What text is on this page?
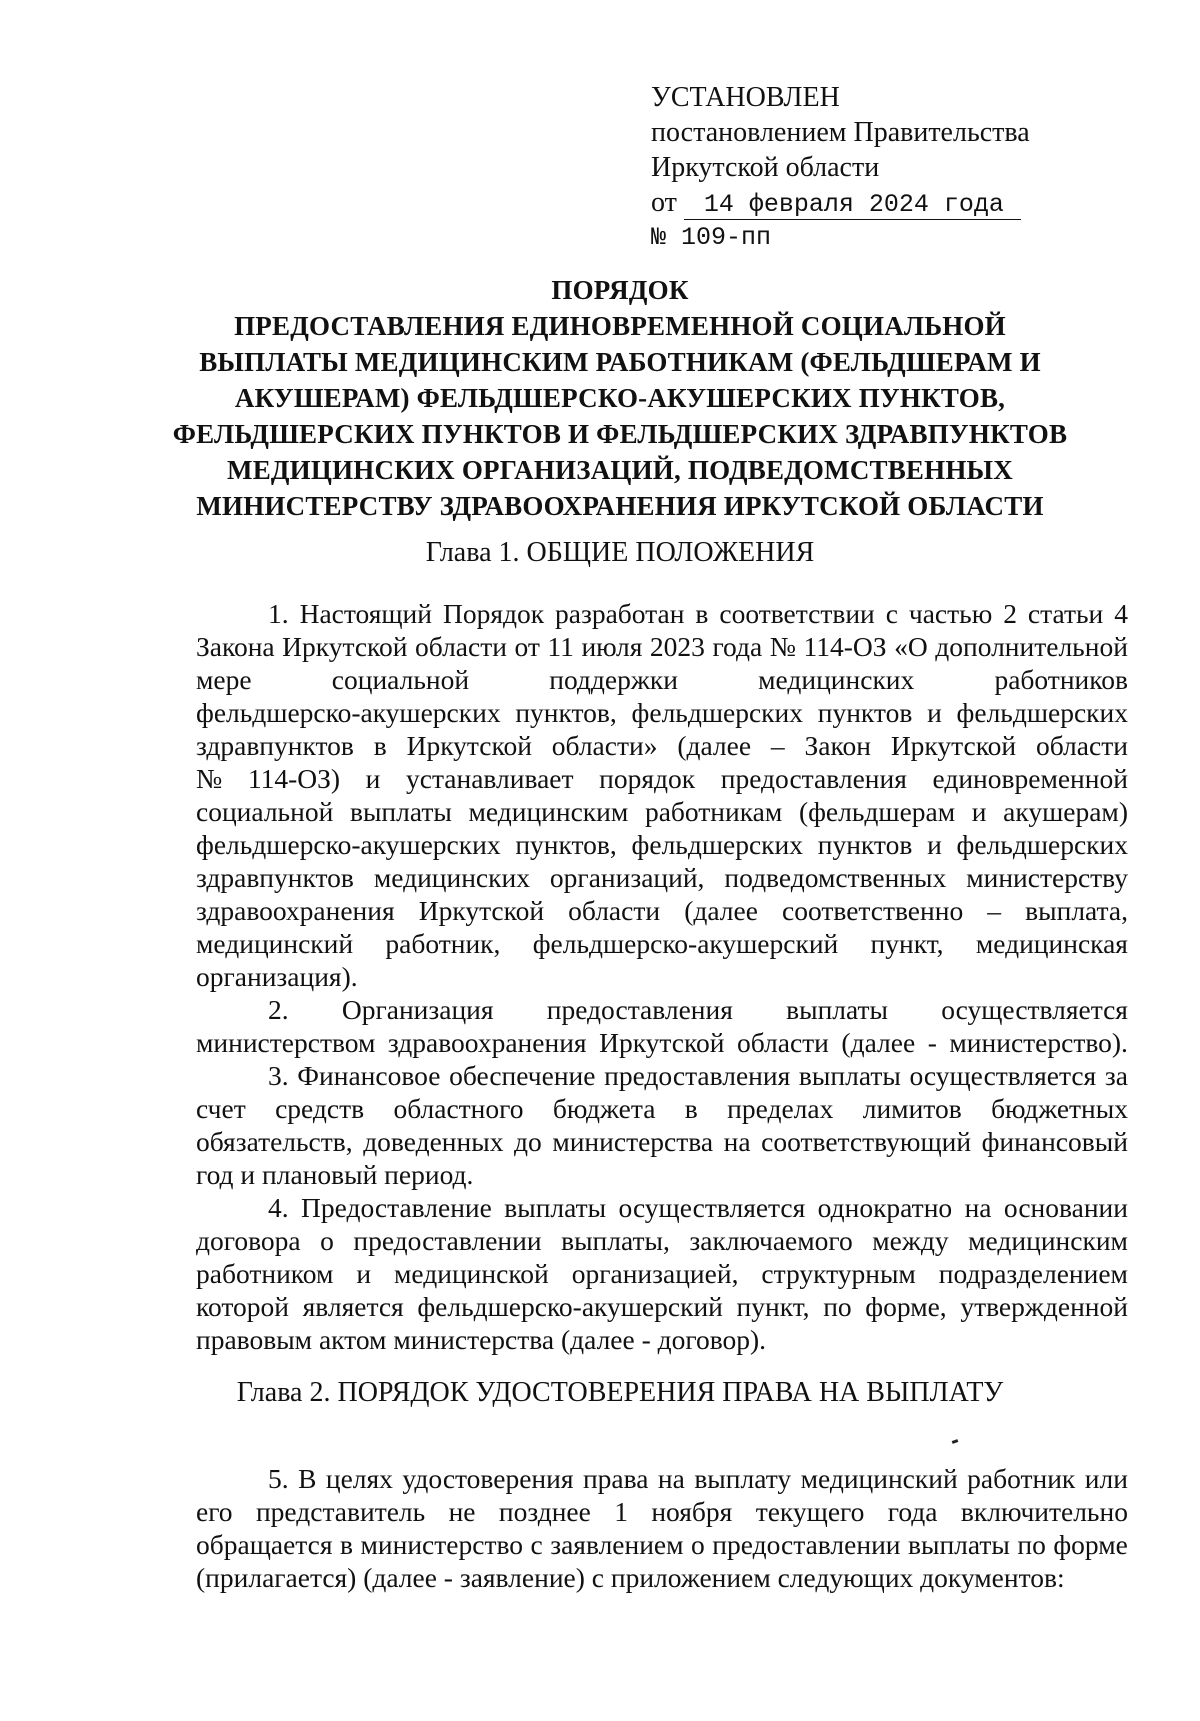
УСТАНОВЛЕН
постановлением Правительства
Иркутской области
от 14 февраля 2024 года
№ 109-пп
ПОРЯДОК
ПРЕДОСТАВЛЕНИЯ ЕДИНОВРЕМЕННОЙ СОЦИАЛЬНОЙ
ВЫПЛАТЫ МЕДИЦИНСКИМ РАБОТНИКАМ (ФЕЛЬДШЕРАМ И
АКУШЕРАМ) ФЕЛЬДШЕРСКО-АКУШЕРСКИХ ПУНКТОВ,
ФЕЛЬДШЕРСКИХ ПУНКТОВ И ФЕЛЬДШЕРСКИХ ЗДРАВПУНКТОВ
МЕДИЦИНСКИХ ОРГАНИЗАЦИЙ, ПОДВЕДОМСТВЕННЫХ
МИНИСТЕРСТВУ ЗДРАВООХРАНЕНИЯ ИРКУТСКОЙ ОБЛАСТИ
Глава 1. ОБЩИЕ ПОЛОЖЕНИЯ
1. Настоящий Порядок разработан в соответствии с частью 2 статьи 4
Закона Иркутской области от 11 июля 2023 года № 114-ОЗ «О дополнительной
мере	социальной	поддержки	медицинских	работников
фельдшерско-акушерских пунктов, фельдшерских пунктов и фельдшерских
здравпунктов в Иркутской области» (далее – Закон Иркутской области
№ 114-ОЗ) и устанавливает порядок предоставления единовременной
социальной выплаты медицинским работникам (фельдшерам и акушерам)
фельдшерско-акушерских пунктов, фельдшерских пунктов и фельдшерских
здравпунктов медицинских организаций, подведомственных министерству
здравоохранения Иркутской области (далее соответственно – выплата,
медицинский работник, фельдшерско-акушерский пункт, медицинская
организация).
2. Организация предоставления выплаты осуществляется
министерством здравоохранения Иркутской области (далее - министерство).
3. Финансовое обеспечение предоставления выплаты осуществляется за
счет средств областного бюджета в пределах лимитов бюджетных
обязательств, доведенных до министерства на соответствующий финансовый
год и плановый период.
4. Предоставление выплаты осуществляется однократно на основании
договора о предоставлении выплаты, заключаемого между медицинским
работником и медицинской организацией, структурным подразделением
которой является фельдшерско-акушерский пункт, по форме, утвержденной
правовым актом министерства (далее - договор).
Глава 2. ПОРЯДОК УДОСТОВЕРЕНИЯ ПРАВА НА ВЫПЛАТУ
5. В целях удостоверения права на выплату медицинский работник или
его представитель не позднее 1 ноября текущего года включительно
обращается в министерство с заявлением о предоставлении выплаты по форме
(прилагается) (далее - заявление) с приложением следующих документов:
